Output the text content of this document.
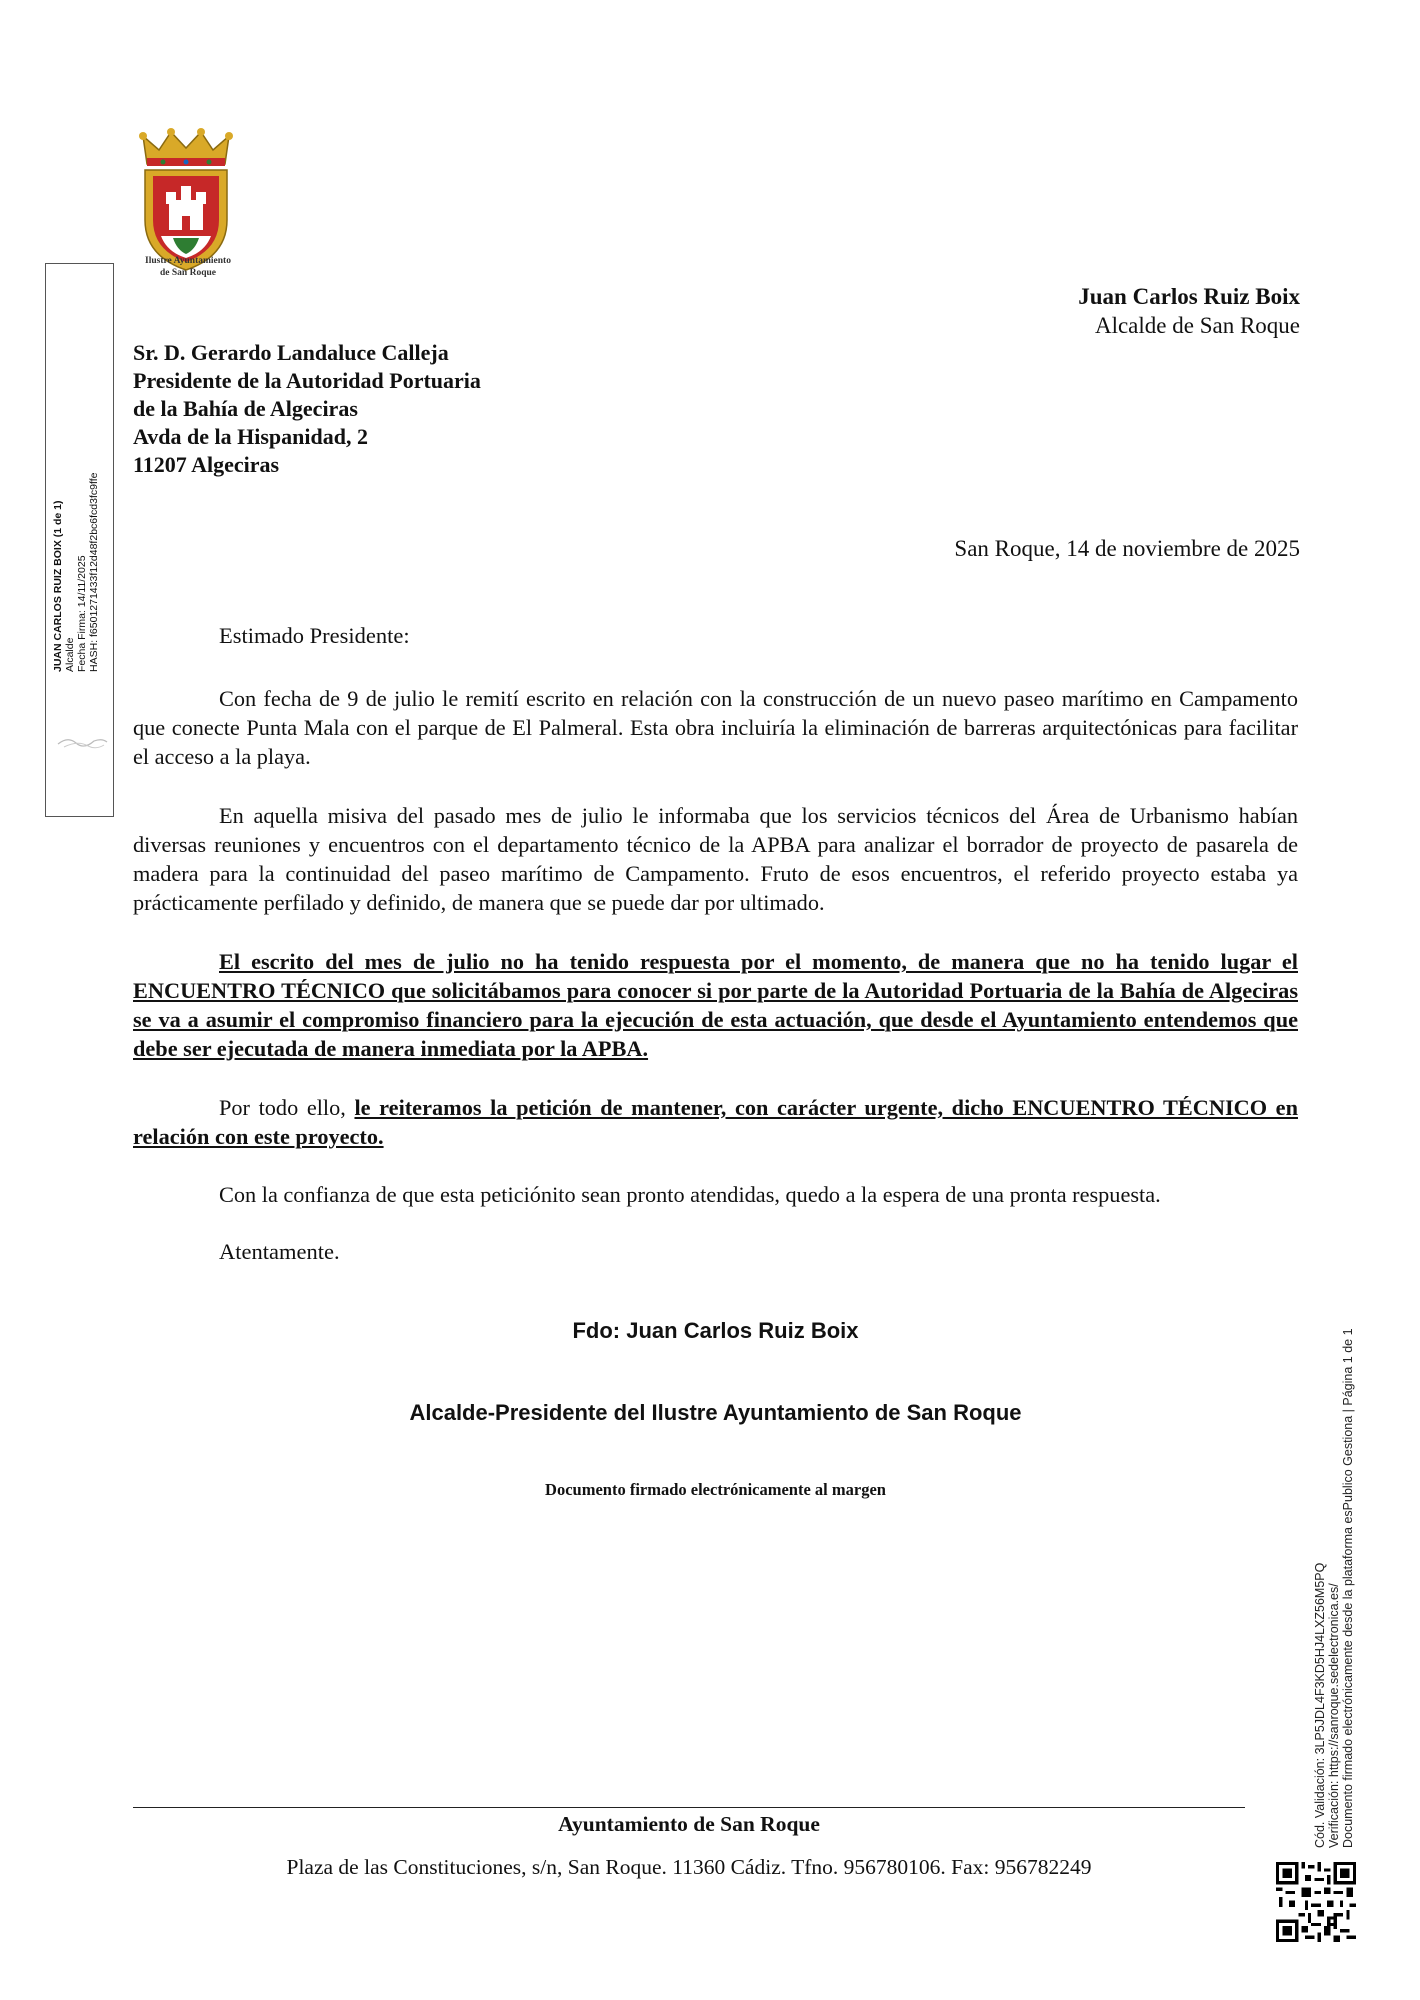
Ilustre Ayuntamiento
de San Roque
JUAN CARLOS RUIZ BOIX (1 de 1) Alcalde Fecha Firma: 14/11/2025 HASH: f6501271433f12d48f2bc6fcd3fc9ffe
Juan Carlos Ruiz Boix
Alcalde de San Roque
Sr. D. Gerardo Landaluce Calleja
Presidente de la Autoridad Portuaria
de la Bahía de Algeciras
Avda de la Hispanidad, 2
11207 Algeciras
San Roque, 14 de noviembre de 2025
Estimado Presidente:
Con fecha de 9 de julio le remití escrito en relación con la construcción de un nuevo paseo marítimo en Campamento que conecte Punta Mala con el parque de El Palmeral. Esta obra incluiría la eliminación de barreras arquitectónicas para facilitar el acceso a la playa.
En aquella misiva del pasado mes de julio le informaba que los servicios técnicos del Área de Urbanismo habían diversas reuniones y encuentros con el departamento técnico de la APBA para analizar el borrador de proyecto de pasarela de madera para la continuidad del paseo marítimo de Campamento. Fruto de esos encuentros, el referido proyecto estaba ya prácticamente perfilado y definido, de manera que se puede dar por ultimado.
El escrito del mes de julio no ha tenido respuesta por el momento, de manera que no ha tenido lugar el ENCUENTRO TÉCNICO que solicitábamos para conocer si por parte de la Autoridad Portuaria de la Bahía de Algeciras se va a asumir el compromiso financiero para la ejecución de esta actuación, que desde el Ayuntamiento entendemos que debe ser ejecutada de manera inmediata por la APBA.
Por todo ello, le reiteramos la petición de mantener, con carácter urgente, dicho ENCUENTRO TÉCNICO en relación con este proyecto.
Con la confianza de que esta peticiónito sean pronto atendidas, quedo a la espera de una pronta respuesta.
Atentamente.
Fdo: Juan Carlos Ruiz Boix
Alcalde-Presidente del Ilustre Ayuntamiento de San Roque
Documento firmado electrónicamente al margen
Ayuntamiento de San Roque
Plaza de las Constituciones, s/n, San Roque. 11360 Cádiz. Tfno. 956780106. Fax: 956782249
Cód. Validación: 3LP5JDL4F3KD5HJ4LXZ56M5PQ Verificación: https://sanroque.sedelectronica.es/ Documento firmado electrónicamente desde la plataforma esPublico Gestiona | Página 1 de 1
